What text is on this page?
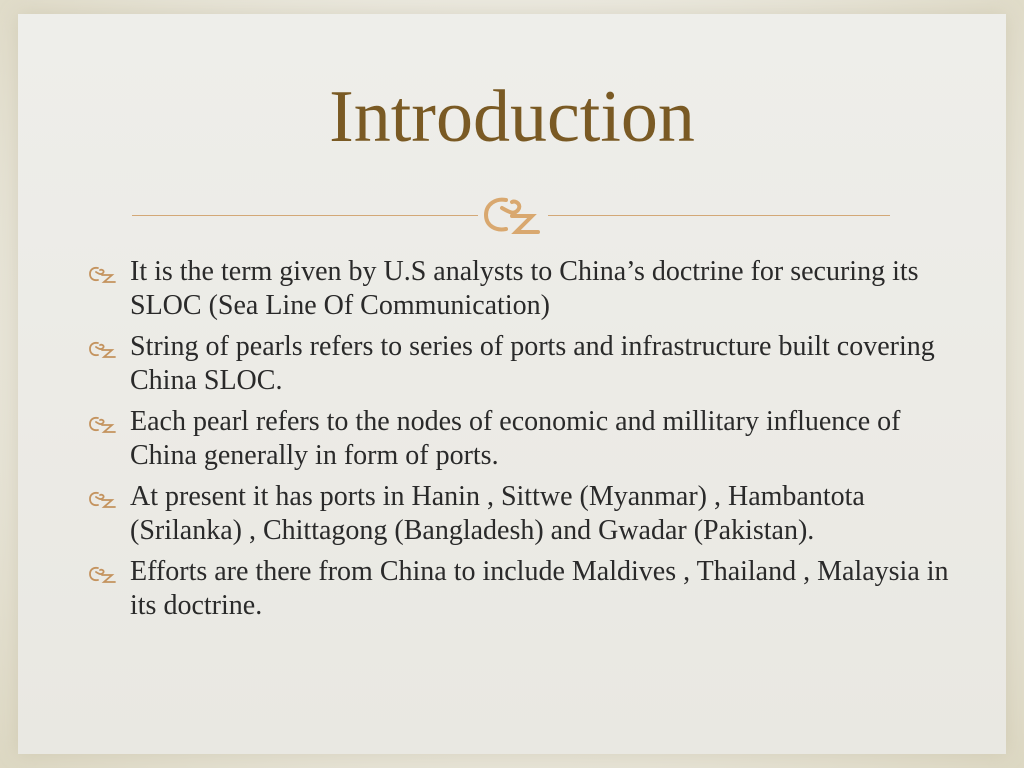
Introduction
It is the term given by U.S analysts to China’s doctrine for securing its SLOC (Sea Line Of Communication)
String of pearls refers to series of ports and infrastructure built covering China SLOC.
Each pearl refers to the nodes of economic and millitary influence of China generally in form of ports.
At present it has ports in Hanin , Sittwe (Myanmar) , Hambantota (Srilanka) , Chittagong (Bangladesh) and Gwadar (Pakistan).
Efforts are there from China to include Maldives , Thailand , Malaysia in its doctrine.
